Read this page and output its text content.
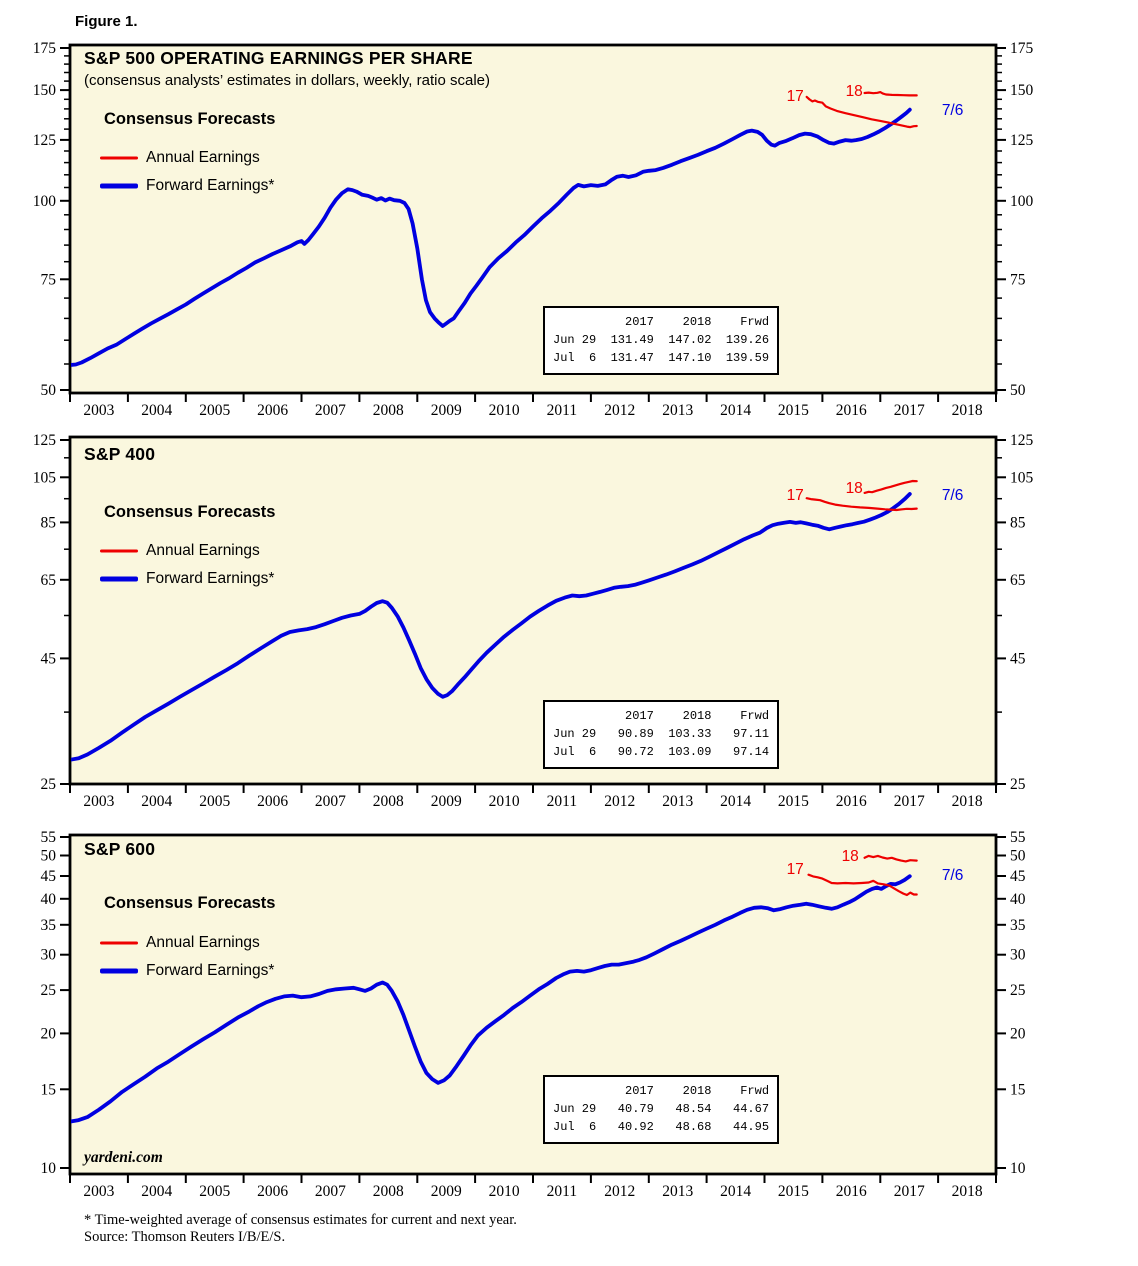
Figure 1.
50	50
75	75
100	100
125	125
150	150
175	175
2003 2004 2005 2006 2007 2008 2009 2010 2011 2012 2013 2014 2015 2016 2017 2018
25	25
45	45
65	65
85	85
105	105
125	125
2003 2004 2005 2006 2007 2008 2009 2010 2011 2012 2013 2014 2015 2016 2017 2018
10	10
15	15
20	20
25	25
30	30
35	35
40	40
45	45
50	50
55	55
2003 2004 2005 2006 2007 2008 2009 2010 2011 2012 2013 2014 2015 2016 2017 2018
S&P 500 OPERATING EARNINGS PER SHARE
(consensus analysts’ estimates in dollars, weekly, ratio scale)
Consensus Forecasts
Annual Earnings
Forward Earnings*
17	18
7/6
2017    2018    Frwd
Jun 29  131.49  147.02  139.26
Jul  6  131.47  147.10  139.59
S&P 400
Consensus Forecasts
Annual Earnings
Forward Earnings*
17	18	7/6
2017    2018    Frwd
Jun 29   90.89  103.33   97.11
Jul  6   90.72  103.09   97.14
S&P 600
Consensus Forecasts
Annual Earnings
Forward Earnings*
17
18
7/6
2017    2018    Frwd
Jun 29   40.79   48.54   44.67
Jul  6   40.92   48.68   44.95
yardeni.com
* Time-weighted average of consensus estimates for current and next year.
Source: Thomson Reuters I/B/E/S.
